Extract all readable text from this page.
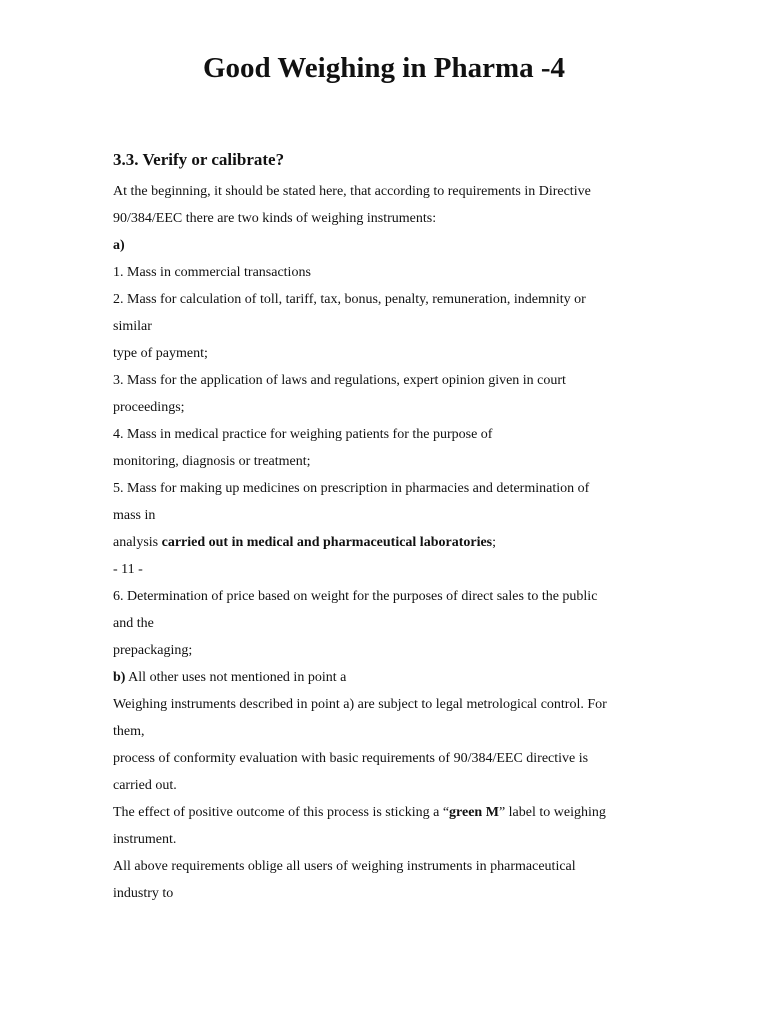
Good Weighing in Pharma -4
3.3. Verify or calibrate?
At the beginning, it should be stated here, that according to requirements in Directive
90/384/EEC there are two kinds of weighing instruments:
a)
1. Mass in commercial transactions
2. Mass for calculation of toll, tariff, tax, bonus, penalty, remuneration, indemnity or
similar
type of payment;
3. Mass for the application of laws and regulations, expert opinion given in court
proceedings;
4. Mass in medical practice for weighing patients for the purpose of
monitoring, diagnosis or treatment;
5. Mass for making up medicines on prescription in pharmacies and determination of
mass in
analysis carried out in medical and pharmaceutical laboratories;
- 11 -
6. Determination of price based on weight for the purposes of direct sales to the public
and the
prepackaging;
b) All other uses not mentioned in point a
Weighing instruments described in point a) are subject to legal metrological control. For
them,
process of conformity evaluation with basic requirements of 90/384/EEC directive is
carried out.
The effect of positive outcome of this process is sticking a “green M” label to weighing
instrument.
All above requirements oblige all users of weighing instruments in pharmaceutical
industry to
